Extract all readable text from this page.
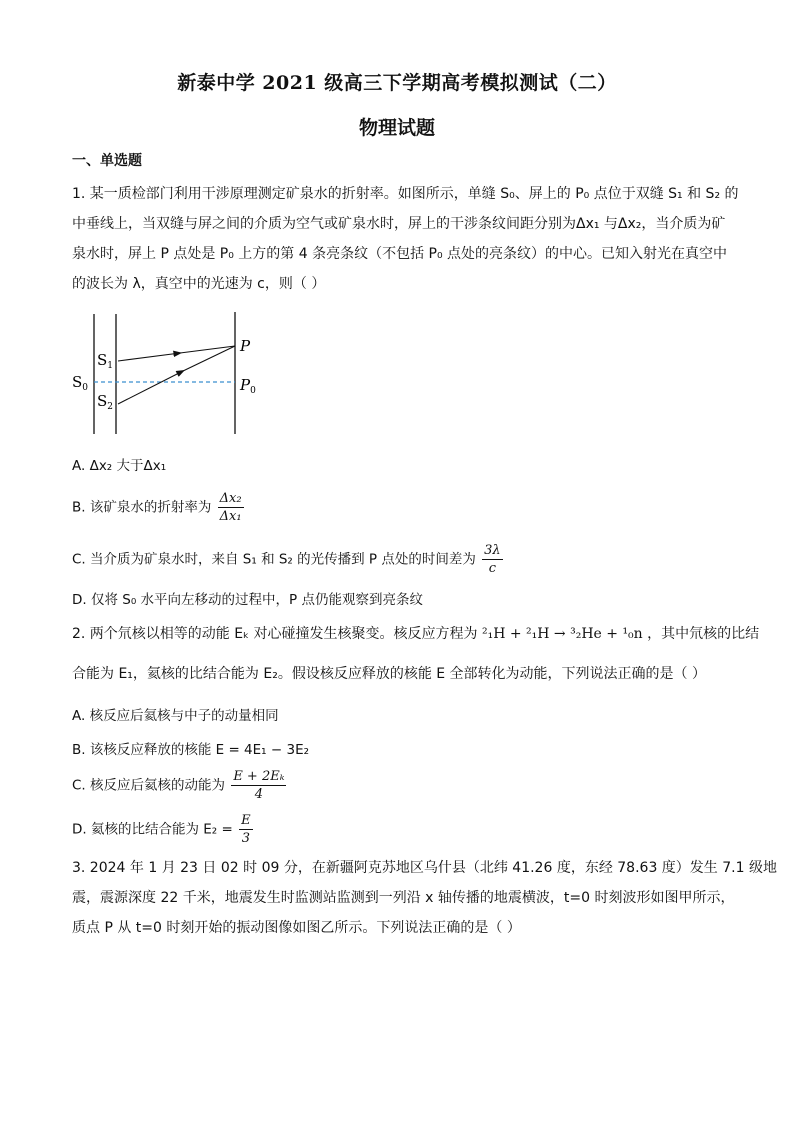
新泰中学 2021 级高三下学期高考模拟测试（二）
物理试题
一、单选题
1. 某一质检部门利用干涉原理测定矿泉水的折射率。如图所示，单缝 S₀、屏上的 P₀ 点位于双缝 S₁ 和 S₂ 的
中垂线上，当双缝与屏之间的介质为空气或矿泉水时，屏上的干涉条纹间距分别为Δx₁ 与Δx₂，当介质为矿
泉水时，屏上 P 点处是 P₀ 上方的第 4 条亮条纹（不包括 P₀ 点处的亮条纹）的中心。已知入射光在真空中
的波长为 λ，真空中的光速为 c，则（ ）
$S_0$
$S_1$
$S_2$
P
$P_0$
A. Δx₂ 大于Δx₁
B. 该矿泉水的折射率为 $\frac{\text{Δx₂}}{\text{Δx₁}}$
C. 当介质为矿泉水时，来自 S₁ 和 S₂ 的光传播到 P 点处的时间差为 $\frac{3\lambda}{c}$
D. 仅将 S₀ 水平向左移动的过程中，P 点仍能观察到亮条纹
2. 两个氘核以相等的动能 Eₖ 对心碰撞发生核聚变。核反应方程为 ²₁H + ²₁H → ³₂He + ¹₀n ，其中氘核的比结
合能为 E₁，氦核的比结合能为 E₂。假设核反应释放的核能 E 全部转化为动能，下列说法正确的是（ ）
A. 核反应后氦核与中子的动量相同
B. 该核反应释放的核能 E = 4E₁ − 3E₂
C. 核反应后氦核的动能为 $\frac{\text{E + 2Eₖ}}{4}$
D. 氦核的比结合能为 $E_2 = \frac{E}{3}$
3. 2024 年 1 月 23 日 02 时 09 分，在新疆阿克苏地区乌什县（北纬 41.26 度，东经 78.63 度）发生 7.1 级地
震，震源深度 22 千米，地震发生时监测站监测到一列沿 x 轴传播的地震横波，t=0 时刻波形如图甲所示，
质点 P 从 t=0 时刻开始的振动图像如图乙所示。下列说法正确的是（ ）
